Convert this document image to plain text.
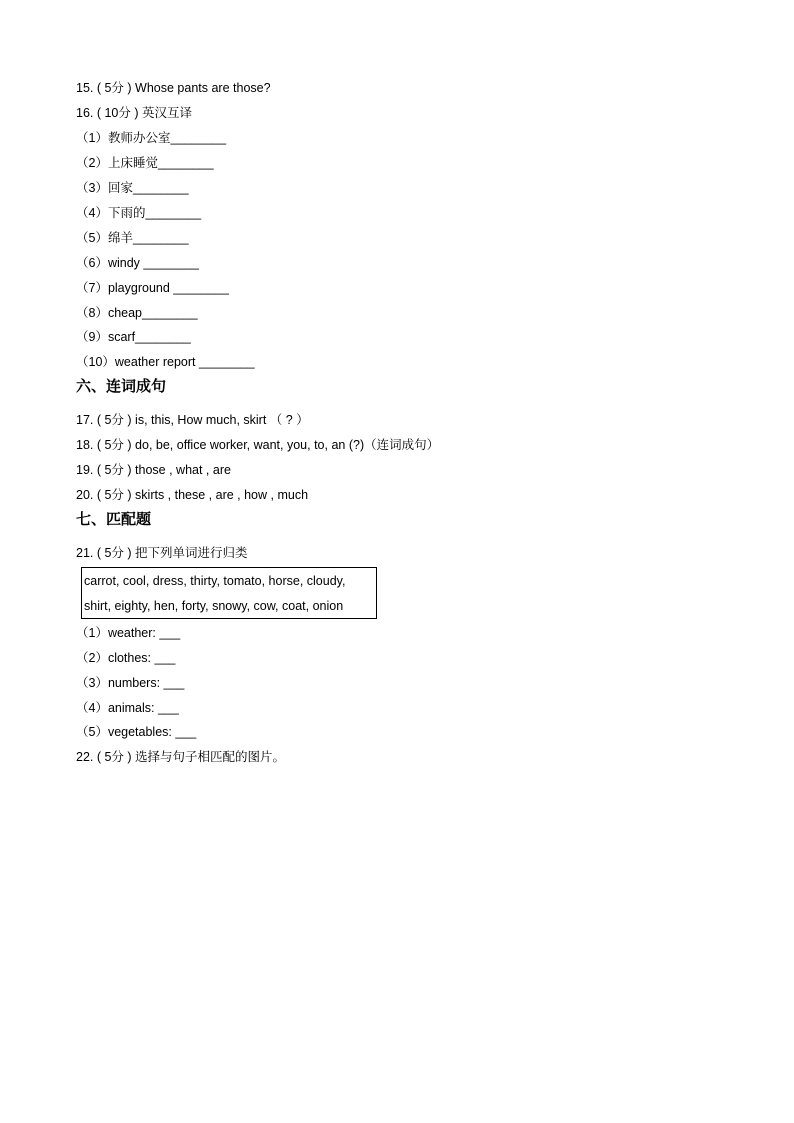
15. ( 5分 ) Whose pants are those?
16. ( 10分 ) 英汉互译
（1）教师办公室________
（2）上床睡觉________
（3）回家________
（4）下雨的________
（5）绵羊________
（6）windy ________
（7）playground ________
（8）cheap________
（9）scarf________
（10）weather report ________
六、连词成句
17. ( 5分 ) is, this, How much, skirt （ ? ）
18. ( 5分 ) do, be, office worker, want, you, to, an (?)（连词成句）
19. ( 5分 ) those , what , are
20. ( 5分 ) skirts , these , are , how , much
七、匹配题
21. ( 5分 ) 把下列单词进行归类
carrot, cool, dress, thirty, tomato, horse, cloudy,
shirt, eighty, hen, forty, snowy, cow, coat, onion
（1）weather: ___
（2）clothes: ___
（3）numbers: ___
（4）animals: ___
（5）vegetables: ___
22. ( 5分 ) 选择与句子相匹配的图片。
